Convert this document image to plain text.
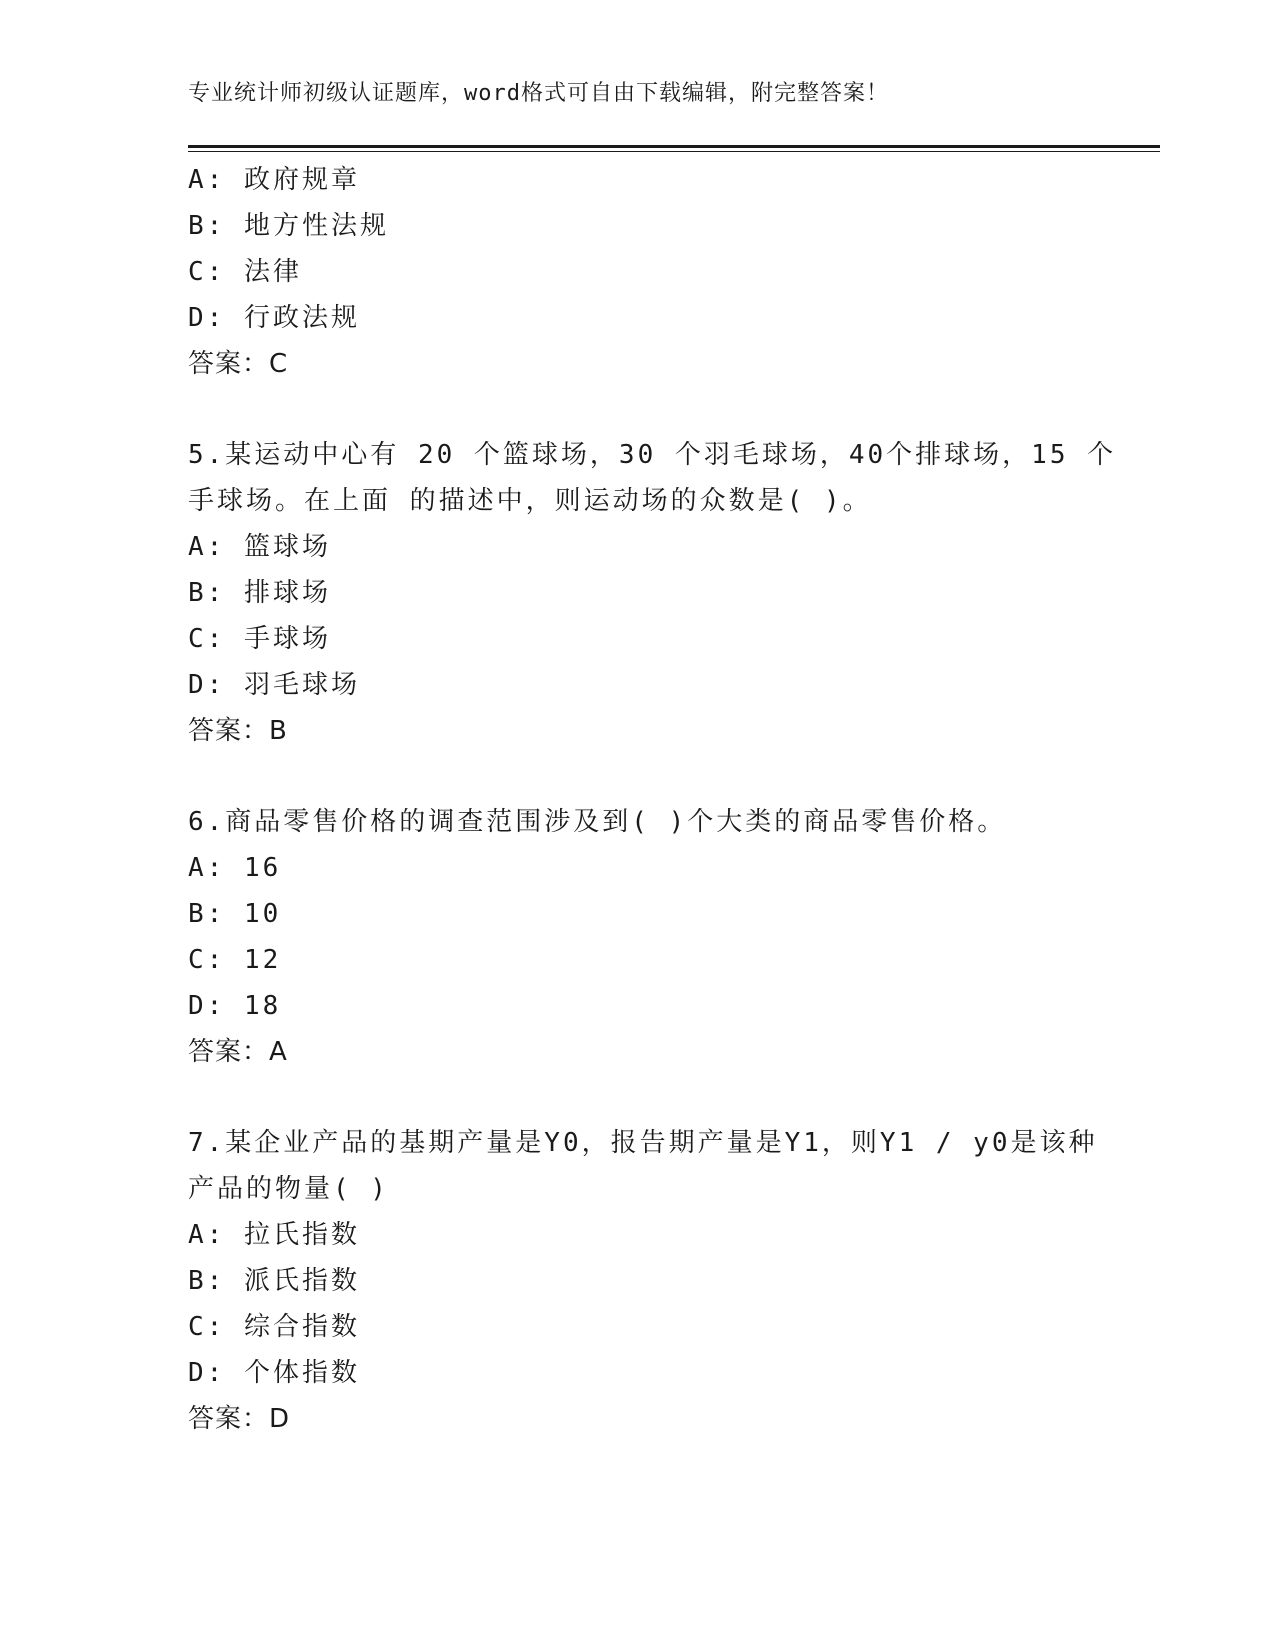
专业统计师初级认证题库，word格式可自由下载编辑，附完整答案！
A: 政府规章
B: 地方性法规
C: 法律
D: 行政法规
答案：C
5.某运动中心有 20 个篮球场，30 个羽毛球场，40个排球场，15 个
手球场。在上面 的描述中，则运动场的众数是( )。
A: 篮球场
B: 排球场
C: 手球场
D: 羽毛球场
答案：B
6.商品零售价格的调查范围涉及到( )个大类的商品零售价格。
A: 16
B: 10
C: 12
D: 18
答案：A
7.某企业产品的基期产量是Y0，报告期产量是Y1，则Y1 / y0是该种
产品的物量( )
A: 拉氏指数
B: 派氏指数
C: 综合指数
D: 个体指数
答案：D
